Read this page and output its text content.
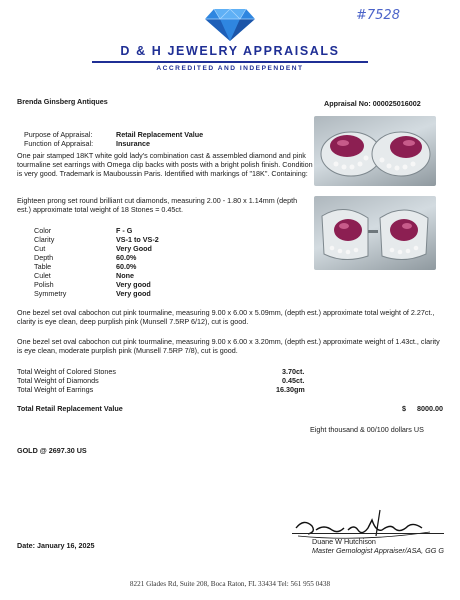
#7528
D & H JEWELRY APPRAISALS
ACCREDITED AND INDEPENDENT
Brenda Ginsberg Antiques	Appraisal No: 000025016002
Purpose of Appraisal:	Retail Replacement Value
Function of Appraisal:	Insurance
One pair stamped 18KT white gold lady's combination cast & assembled diamond and pink tourmaline set earrings with Omega clip backs with posts with a bright polish finish. Condition is very good. Trademark is Mauboussin Paris. Identified with markings of "18K". Containing:
Eighteen prong set round brilliant cut diamonds, measuring 2.00 - 1.80 x 1.14mm (depth est.) approximate total weight of 18 Stones = 0.45ct.
Color	F - G
Clarity	VS-1 to VS-2
Cut	Very Good
Depth	60.0%
Table	60.0%
Culet	None
Polish	Very good
Symmetry	Very good
One bezel set oval cabochon cut pink tourmaline, measuring 9.00 x 6.00 x 5.09mm, (depth est.) approximate total weight of 2.27ct., clarity is eye clean, deep purplish pink (Munsell 7.5RP 6/12), cut is good.
One bezel set oval cabochon cut pink tourmaline, measuring 9.00 x 6.00 x 3.20mm, (depth est.) approximate weight of 1.43ct., clarity is eye clean, moderate purplish pink (Munsell 7.5RP 7/8), cut is good.
Total Weight of Colored Stones	3.70ct.
Total Weight of Diamonds	0.45ct.
Total Weight of Earrings	16.30gm
Total Retail Replacement Value	$ 8000.00
Eight thousand & 00/100 dollars US
GOLD @ 2697.30 US
Date: January 16, 2025	Duane W Hutchison
Master Gemologist Appraiser/ASA, GG G
8221 Glades Rd, Suite 208, Boca Raton, FL 33434 Tel: 561 955 0438
